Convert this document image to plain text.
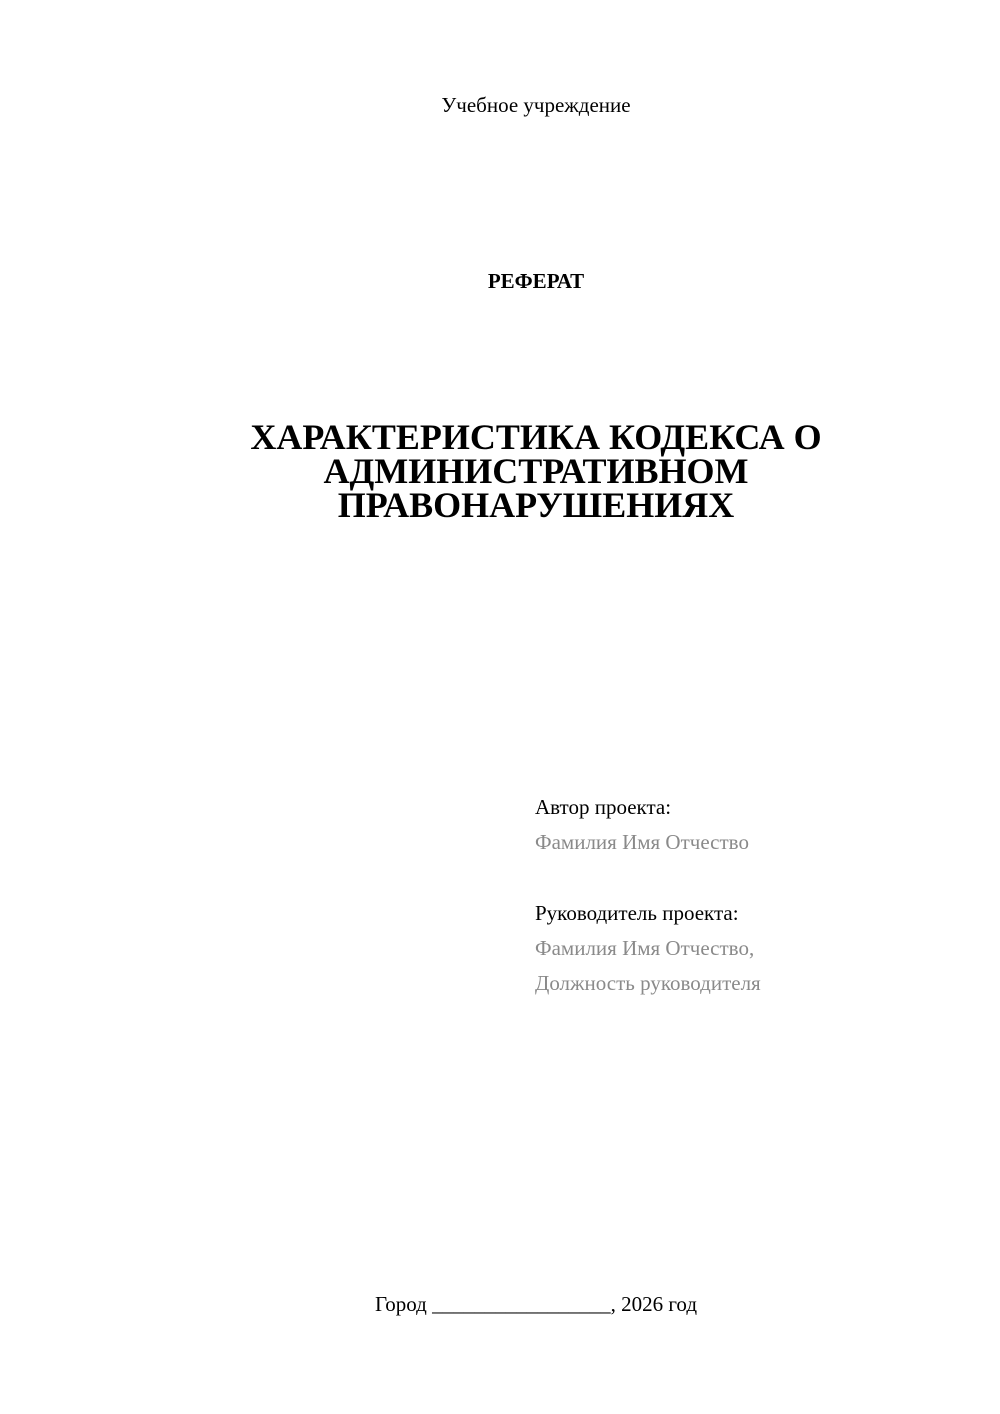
Учебное учреждение
РЕФЕРАТ
ХАРАКТЕРИСТИКА КОДЕКСА О
АДМИНИСТРАТИВНОМ
ПРАВОНАРУШЕНИЯХ
Автор проекта:
Фамилия Имя Отчество
Руководитель проекта:
Фамилия Имя Отчество,
Должность руководителя
Город _________________, 2026 год
